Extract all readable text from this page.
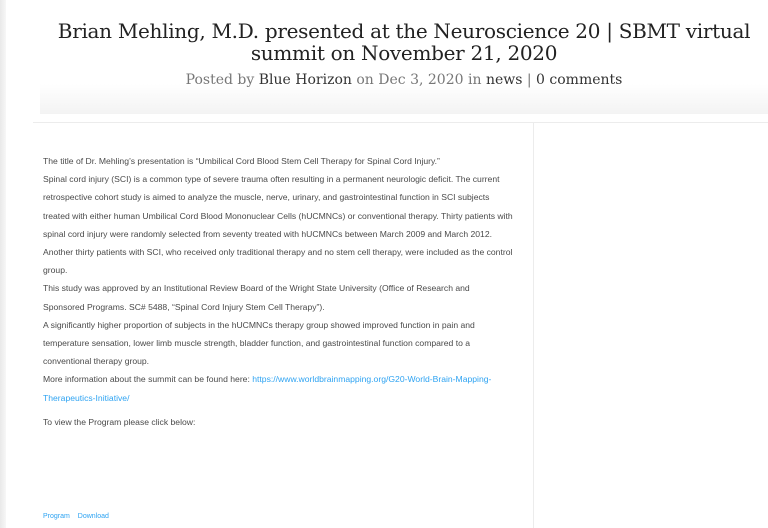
Brian Mehling, M.D. presented at the Neuroscience 20 | SBMT virtual summit on November 21, 2020
Posted by Blue Horizon on Dec 3, 2020 in news | 0 comments

The title of Dr. Mehling’s presentation is “Umbilical Cord Blood Stem Cell Therapy for Spinal Cord Injury.”

Spinal cord injury (SCI) is a common type of severe trauma often resulting in a permanent neurologic deficit. The current retrospective cohort study is aimed to analyze the muscle, nerve, urinary, and gastrointestinal function in SCI subjects treated with either human Umbilical Cord Blood Mononuclear Cells (hUCMNCs) or conventional therapy. Thirty patients with spinal cord injury were randomly selected from seventy treated with hUCMNCs between March 2009 and March 2012. Another thirty patients with SCI, who received only traditional therapy and no stem cell therapy, were included as the control group.

This study was approved by an Institutional Review Board of the Wright State University (Office of Research and Sponsored Programs. SC# 5488, “Spinal Cord Injury Stem Cell Therapy”).

A significantly higher proportion of subjects in the hUCMNCs therapy group showed improved function in pain and temperature sensation, lower limb muscle strength, bladder function, and gastrointestinal function compared to a conventional therapy group.

More information about the summit can be found here: https://www.worldbrainmapping.org/G20-World-Brain-Mapping-Therapeutics-Initiative/

To view the Program please click below:

Program Download
